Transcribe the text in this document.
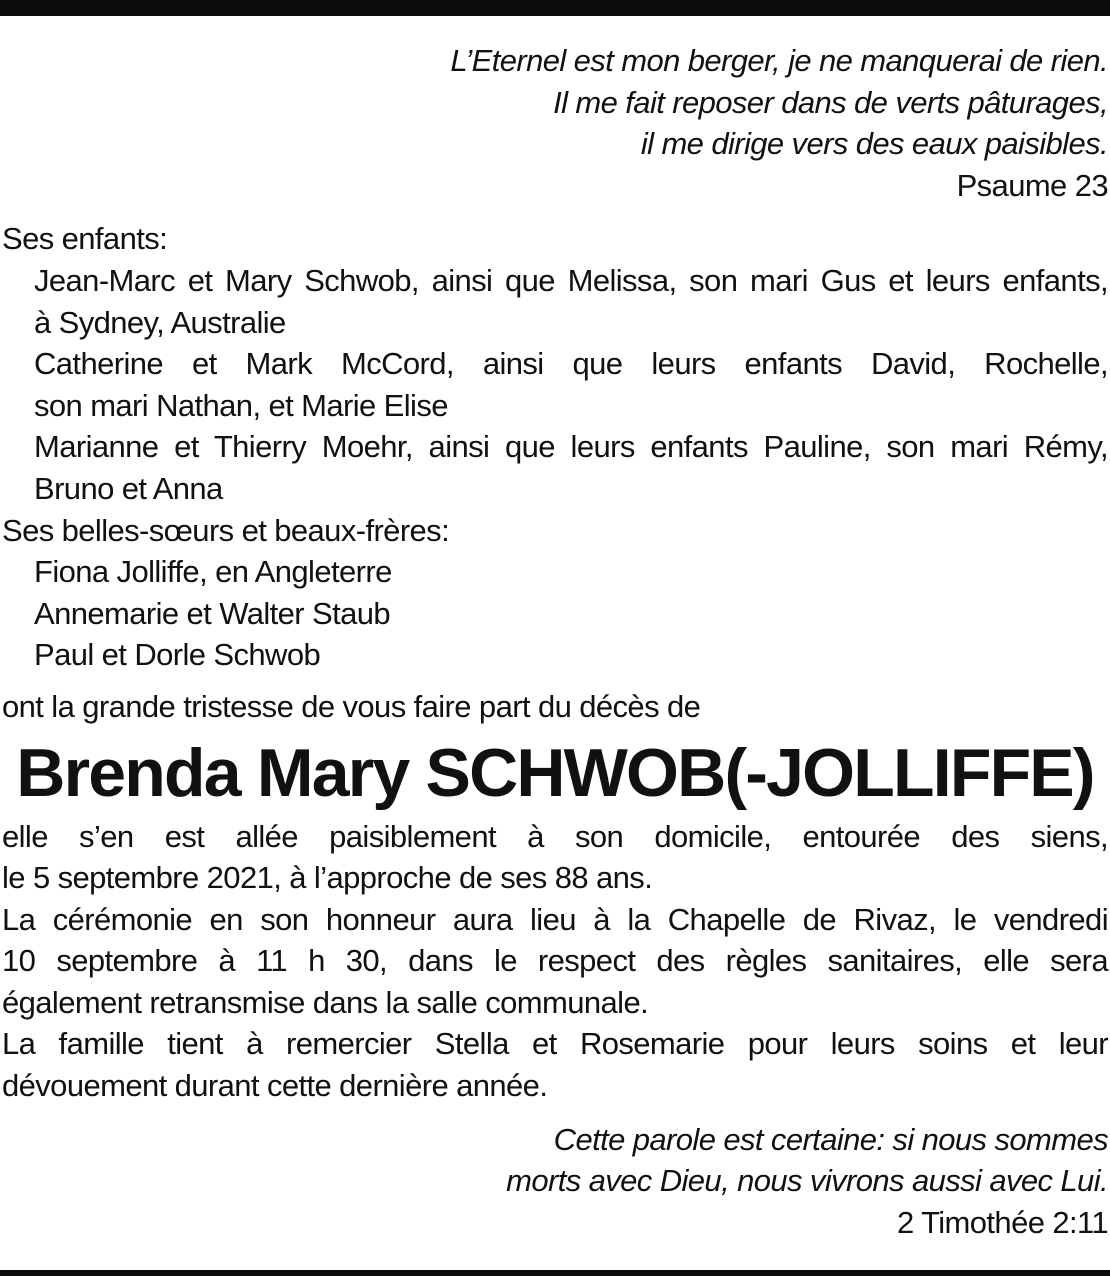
L’Eternel est mon berger, je ne manquerai de rien.
Il me fait reposer dans de verts pâturages,
il me dirige vers des eaux paisibles.
Psaume 23
Ses enfants:
Jean-Marc et Mary Schwob, ainsi que Melissa, son mari Gus et leurs enfants,
à Sydney, Australie
Catherine et Mark McCord, ainsi que leurs enfants David, Rochelle,
son mari Nathan, et Marie Elise
Marianne et Thierry Moehr, ainsi que leurs enfants Pauline, son mari Rémy,
Bruno et Anna
Ses belles-sœurs et beaux-frères:
Fiona Jolliffe, en Angleterre
Annemarie et Walter Staub
Paul et Dorle Schwob
ont la grande tristesse de vous faire part du décès de
Brenda Mary SCHWOB(-JOLLIFFE)
elle s’en est allée paisiblement à son domicile, entourée des siens,
le 5 septembre 2021, à l’approche de ses 88 ans.
La cérémonie en son honneur aura lieu à la Chapelle de Rivaz, le vendredi
10 septembre à 11 h 30, dans le respect des règles sanitaires, elle sera
également retransmise dans la salle communale.
La famille tient à remercier Stella et Rosemarie pour leurs soins et leur
dévouement durant cette dernière année.
Cette parole est certaine: si nous sommes
morts avec Dieu, nous vivrons aussi avec Lui.
2 Timothée 2:11
